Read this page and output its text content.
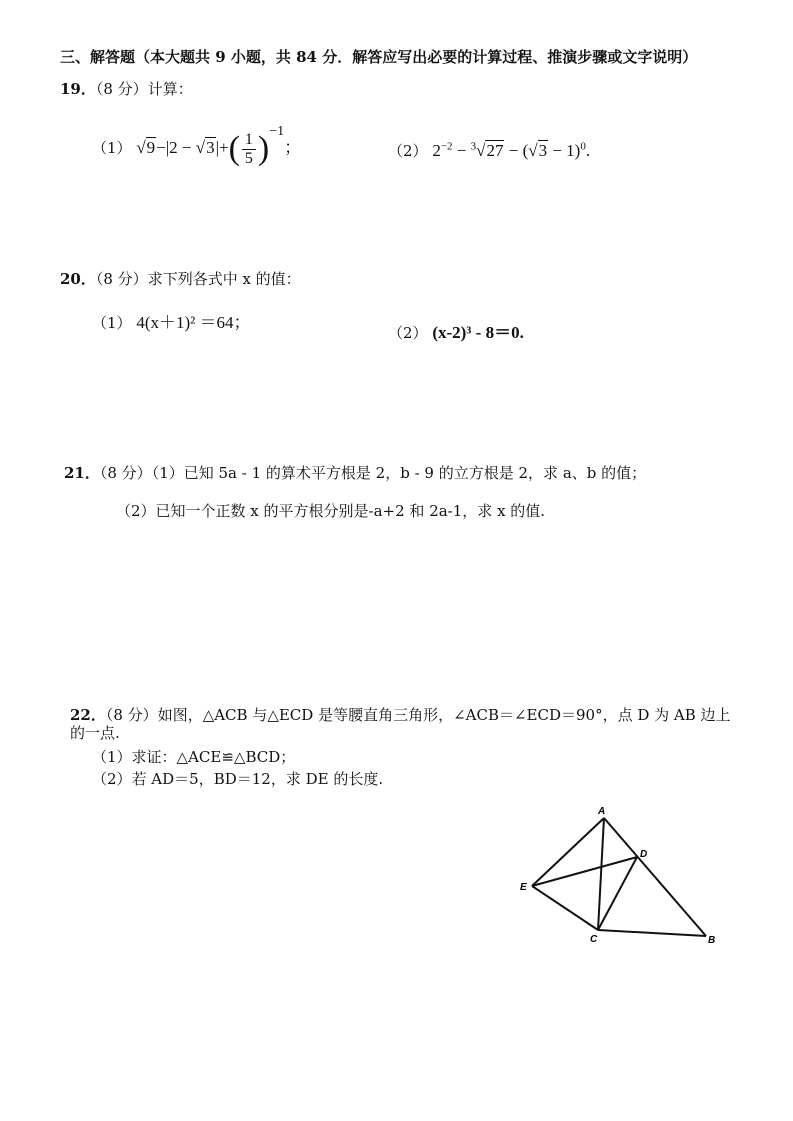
三、解答题（本大题共 9 小题，共 84 分．解答应写出必要的计算过程、推演步骤或文字说明）
19．（8 分）计算：
（1） $√9-|2 - √3|+( \frac{1}{5} )^{-1}$；	（2） $2^{-2} - ^3√27 - (√3 - 1)^0$.
20．（8 分）求下列各式中 x 的值：
（1） 4(x＋1)² ＝64；
（2） (x-2)³ - 8＝0.
21．（8 分）（1）已知 5a - 1 的算术平方根是 2，b - 9 的立方根是 2，求 a、b 的值；
（2）已知一个正数 x 的平方根分别是-a+2 和 2a-1，求 x 的值.
22．（8 分）如图，△ACB 与△ECD 是等腰直角三角形，∠ACB＝∠ECD＝90°，点 D 为 AB 边上
的一点.
（1）求证：△ACE≌△BCD；
（2）若 AD＝5，BD＝12，求 DE 的长度.
A
D
E
C	B
